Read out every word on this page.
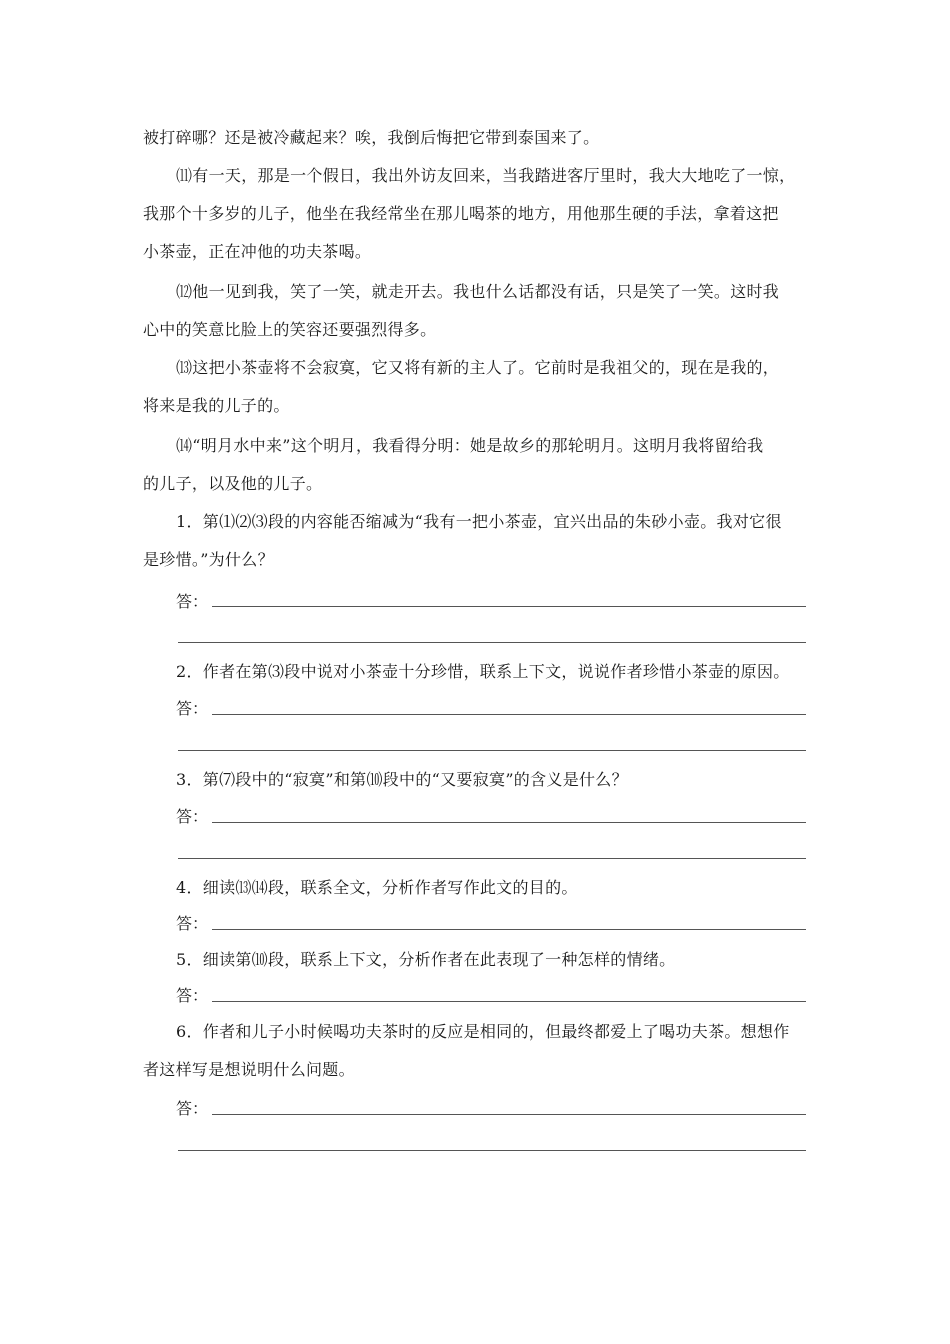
被打碎哪？还是被冷藏起来？唉，我倒后悔把它带到泰国来了。
⑾有一天，那是一个假日，我出外访友回来，当我踏进客厅里时，我大大地吃了一惊，
我那个十多岁的儿子，他坐在我经常坐在那儿喝茶的地方，用他那生硬的手法，拿着这把
小茶壶，正在冲他的功夫茶喝。
⑿他一见到我，笑了一笑，就走开去。我也什么话都没有话，只是笑了一笑。这时我
心中的笑意比脸上的笑容还要强烈得多。
⒀这把小茶壶将不会寂寞，它又将有新的主人了。它前时是我祖父的，现在是我的，
将来是我的儿子的。
⒁“明月水中来”这个明月，我看得分明：她是故乡的那轮明月。这明月我将留给我
的儿子，以及他的儿子。
1．第⑴⑵⑶段的内容能否缩减为“我有一把小茶壶，宜兴出品的朱砂小壶。我对它很
是珍惜。”为什么？
答：
2．作者在第⑶段中说对小茶壶十分珍惜，联系上下文，说说作者珍惜小茶壶的原因。
答：
3．第⑺段中的“寂寞”和第⑽段中的“又要寂寞”的含义是什么？
答：
4．细读⒀⒁段，联系全文，分析作者写作此文的目的。
答：
5．细读第⑽段，联系上下文，分析作者在此表现了一种怎样的情绪。
答：
6．作者和儿子小时候喝功夫茶时的反应是相同的，但最终都爱上了喝功夫茶。想想作
者这样写是想说明什么问题。
答：
